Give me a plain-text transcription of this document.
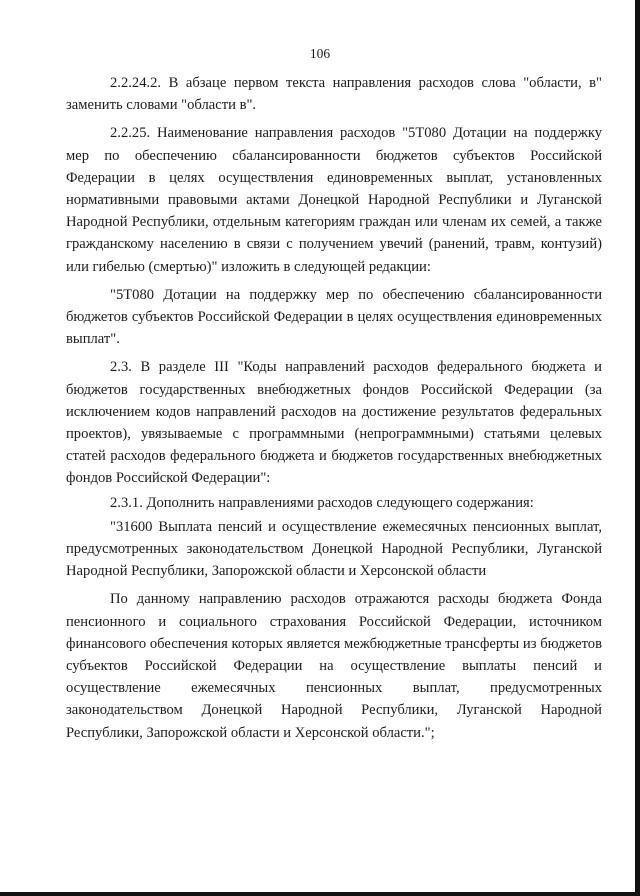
106

2.2.24.2. В абзаце первом текста направления расходов слова "области, в" заменить словами "области в".

2.2.25. Наименование направления расходов "5Т080 Дотации на поддержку мер по обеспечению сбалансированности бюджетов субъектов Российской Федерации в целях осуществления единовременных выплат, установленных нормативными правовыми актами Донецкой Народной Республики и Луганской Народной Республики, отдельным категориям граждан или членам их семей, а также гражданскому населению в связи с получением увечий (ранений, травм, контузий) или гибелью (смертью)" изложить в следующей редакции:

"5Т080 Дотации на поддержку мер по обеспечению сбалансированности бюджетов субъектов Российской Федерации в целях осуществления единовременных выплат".

2.3. В разделе III "Коды направлений расходов федерального бюджета и бюджетов государственных внебюджетных фондов Российской Федерации (за исключением кодов направлений расходов на достижение результатов федеральных проектов), увязываемые с программными (непрограммными) статьями целевых статей расходов федерального бюджета и бюджетов государственных внебюджетных фондов Российской Федерации":

2.3.1. Дополнить направлениями расходов следующего содержания:

"31600 Выплата пенсий и осуществление ежемесячных пенсионных выплат, предусмотренных законодательством Донецкой Народной Республики, Луганской Народной Республики, Запорожской области и Херсонской области

По данному направлению расходов отражаются расходы бюджета Фонда пенсионного и социального страхования Российской Федерации, источником финансового обеспечения которых является межбюджетные трансферты из бюджетов субъектов Российской Федерации на осуществление выплаты пенсий и осуществление ежемесячных пенсионных выплат, предусмотренных законодательством Донецкой Народной Республики, Луганской Народной Республики, Запорожской области и Херсонской области.";
